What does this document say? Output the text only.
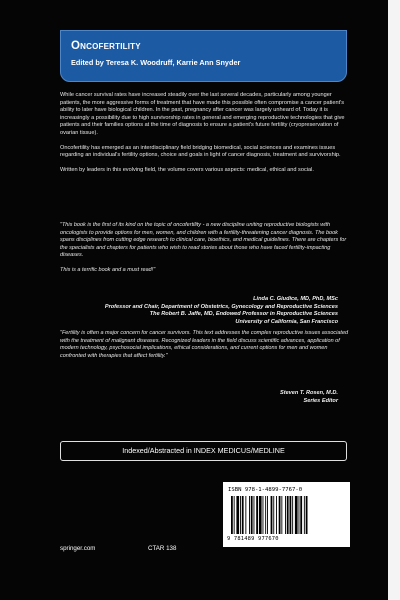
Oncofertility
Edited by Teresa K. Woodruff, Karrie Ann Snyder

While cancer survival rates have increased steadily over the last several decades, particularly among younger patients, the more aggressive forms of treatment that have made this possible often compromise a cancer patient's ability to later have biological children. In the past, pregnancy after cancer was largely unheard of. Today it is increasingly a possibility due to high survivorship rates in general and emerging reproductive technologies that give patients and their families options at the time of diagnosis to ensure a patient's future fertility (cryopreservation of ovarian tissue).

Oncofertility has emerged as an interdisciplinary field bridging biomedical, social sciences and examines issues regarding an individual's fertility options, choice and goals in light of cancer diagnosis, treatment and survivorship.

Written by leaders in this evolving field, the volume covers various aspects: medical, ethical and social.

"This book is the first of its kind on the topic of oncofertility - a new discipline uniting reproductive biologists with oncologists to provide options for men, women, and children with a fertility-threatening cancer diagnosis. The book spans disciplines from cutting edge research to clinical care, bioethics, and medical guidelines. There are chapters for the specialists and chapters for patients who wish to read stories about those who have faced fertility-impacting diseases.

This is a terrific book and a must read!"

Linda C. Giudice, MD, PhD, MSc
Professor and Chair, Department of Obstetrics, Gynecology and Reproductive Sciences
The Robert B. Jaffe, MD, Endowed Professor in Reproductive Sciences
University of California, San Francisco
"Fertility is often a major concern for cancer survivors. This text addresses the complex reproductive issues associated with the treatment of malignant diseases. Recognized leaders in the field discuss scientific advances, application of modern technology, psychosocial implications, ethical considerations, and current options for men and women confronted with therapies that affect fertility."
Steven T. Rosen, M.D.
Series Editor
Indexed/Abstracted in INDEX MEDICUS/MEDLINE
ISBN 978-1-4899-7767-0
9 781489 977670
springer.com	CTAR 138
